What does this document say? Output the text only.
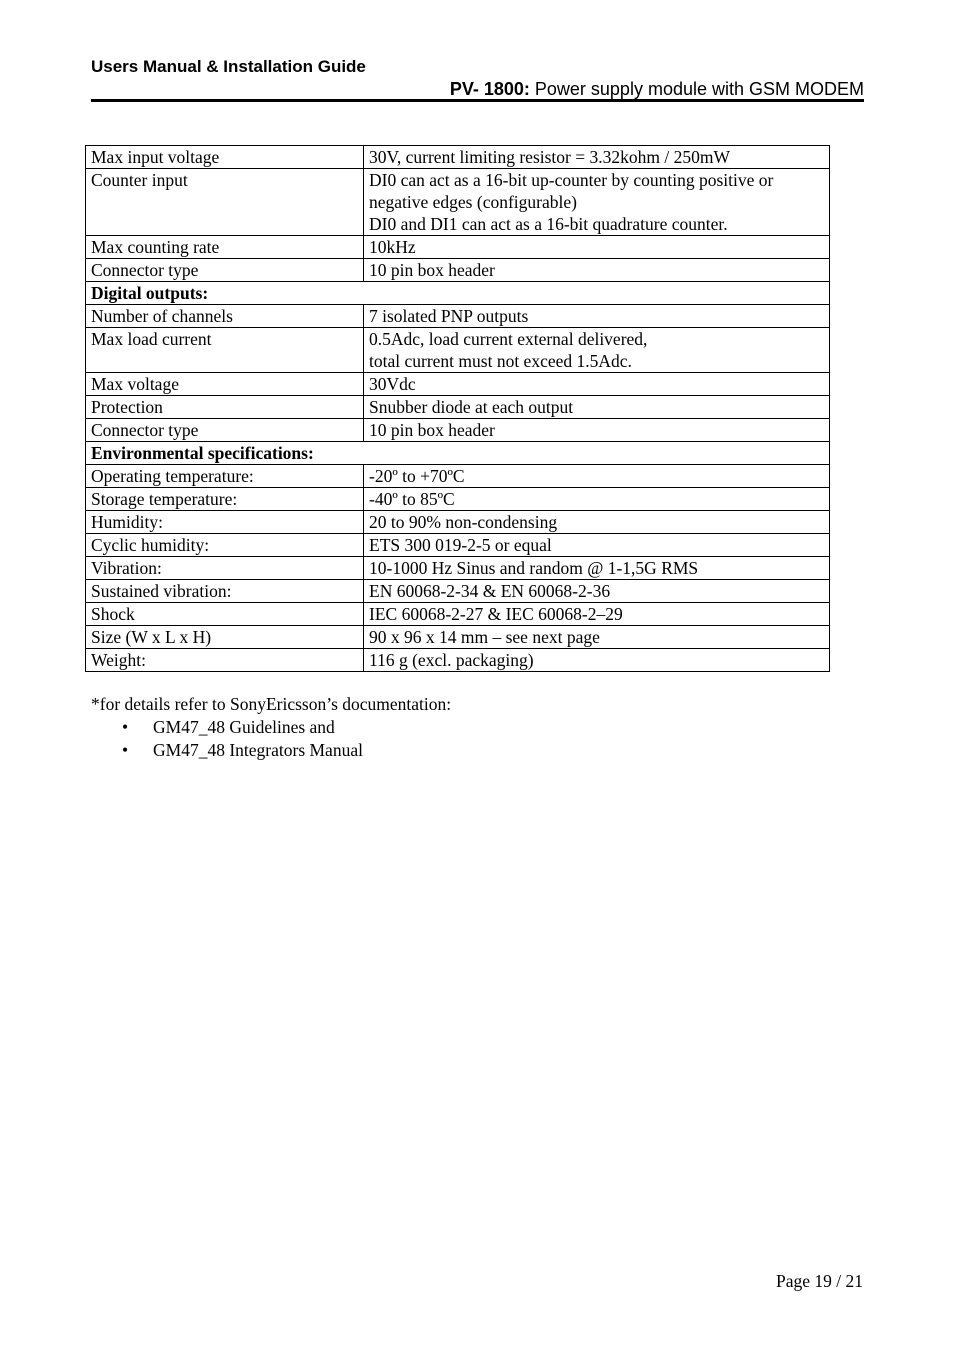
Users Manual & Installation Guide
PV- 1800: Power supply module with GSM MODEM
Max input voltage	30V, current limiting resistor = 3.32kohm / 250mW
Counter input	DI0 can act as a 16-bit up-counter by counting positive or
negative edges (configurable)
DI0 and DI1 can act as a 16-bit quadrature counter.
Max counting rate	10kHz
Connector type	10 pin box header
Digital outputs:	
Number of channels	7 isolated PNP outputs
Max load current	0.5Adc, load current external delivered,
total current must not exceed 1.5Adc.
Max voltage	30Vdc
Protection	Snubber diode at each output
Connector type	10 pin box header
Environmental specifications:	
Operating temperature:	-20º to +70ºC
Storage temperature:	-40º to 85ºC
Humidity:	20 to 90% non-condensing
Cyclic humidity:	ETS 300 019-2-5 or equal
Vibration:	10-1000 Hz Sinus and random @ 1-1,5G RMS
Sustained vibration:	EN 60068-2-34 & EN 60068-2-36
Shock	IEC 60068-2-27 & IEC 60068-2–29
Size (W x L x H)	90 x 96 x 14 mm – see next page
Weight:	116 g (excl. packaging)
*for details refer to SonyEricsson’s documentation:
• GM47_48 Guidelines and
• GM47_48 Integrators Manual
Page 19 / 21
